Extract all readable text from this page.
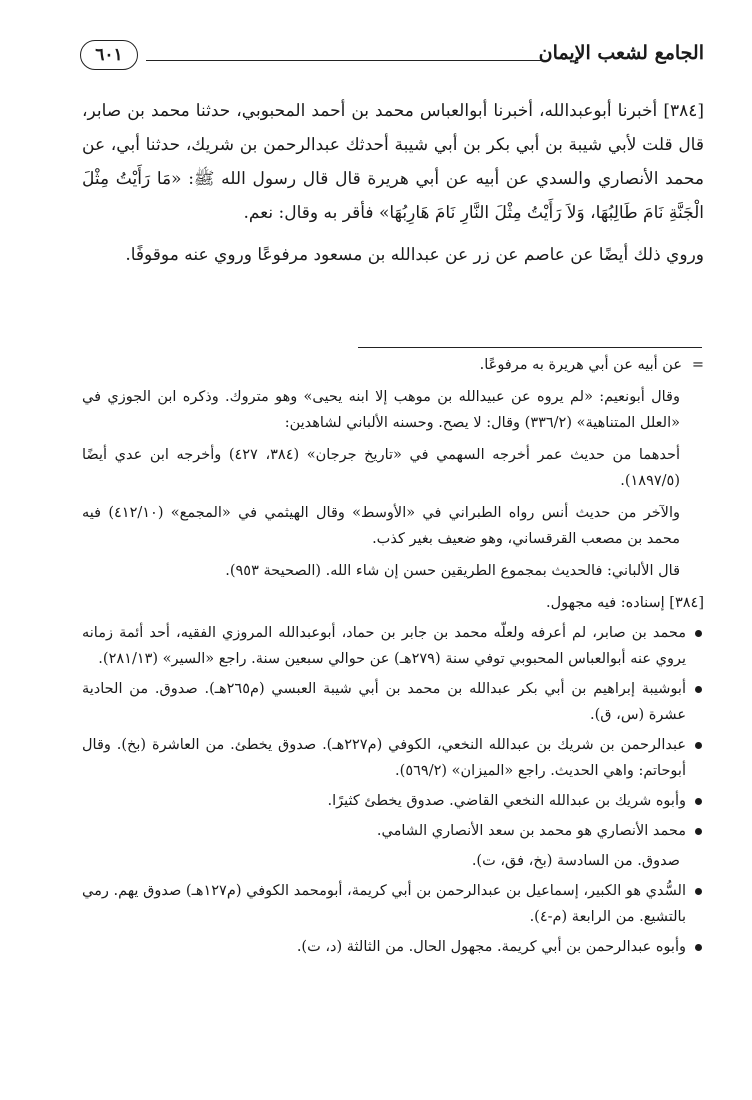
الجامع لشعب الإيمان
٦٠١

[٣٨٤] أخبرنا أبوعبدالله، أخبرنا أبوالعباس محمد بن أحمد المحبوبي، حدثنا محمد بن صابر، قال قلت لأبي شيبة بن أبي بكر بن أبي شيبة أحدثك عبدالرحمن بن شريك، حدثنا أبي، عن محمد الأنصاري والسدي عن أبيه عن أبي هريرة قال قال رسول الله ﷺ: «مَا رَأَيْتُ مِثْلَ الْجَنَّةِ نَامَ طَالِبُهَا، وَلاَ رَأَيْتُ مِثْلَ النَّارِ نَامَ هَارِبُهَا» فأقر به وقال: نعم.

وروي ذلك أيضًا عن عاصم عن زر عن عبدالله بن مسعود مرفوعًا وروي عنه موقوفًا.

=عن أبيه عن أبي هريرة به مرفوعًا.

وقال أبونعيم: «لم يروه عن عبيدالله بن موهب إلا ابنه يحيى» وهو متروك. وذكره ابن الجوزي في «العلل المتناهية» (٣٣٦/٢) وقال: لا يصح. وحسنه الألباني لشاهدين:

أحدهما من حديث عمر أخرجه السهمي في «تاريخ جرجان» (٣٨٤، ٤٢٧) وأخرجه ابن عدي أيضًا (١٨٩٧/٥).

والآخر من حديث أنس رواه الطبراني في «الأوسط» وقال الهيثمي في «المجمع» (٤١٢/١٠) فيه محمد بن مصعب القرقساني، وهو ضعيف بغير كذب.

قال الألباني: فالحديث بمجموع الطريقين حسن إن شاء الله. (الصحيحة ٩٥٣).

[٣٨٤] إسناده: فيه مجهول.

محمد بن صابر، لم أعرفه ولعلّه محمد بن جابر بن حماد، أبوعبدالله المروزي الفقيه، أحد أئمة زمانه يروي عنه أبوالعباس المحبوبي توفي سنة (٢٧٩هـ) عن حوالي سبعين سنة. راجع «السير» (٢٨١/١٣).
أبوشيبة إبراهيم بن أبي بكر عبدالله بن محمد بن أبي شيبة العبسي (م٢٦٥هـ). صدوق. من الحادية عشرة (س، ق).
عبدالرحمن بن شريك بن عبدالله النخعي، الكوفي (م٢٢٧هـ). صدوق يخطئ. من العاشرة (بخ). وقال أبوحاتم: واهي الحديث. راجع «الميزان» (٥٦٩/٢).
وأبوه شريك بن عبدالله النخعي القاضي. صدوق يخطئ كثيرًا.
محمد الأنصاري هو محمد بن سعد الأنصاري الشامي.

صدوق. من السادسة (بخ، فق، ت).

السُّدي هو الكبير، إسماعيل بن عبدالرحمن بن أبي كريمة، أبومحمد الكوفي (م١٢٧هـ) صدوق يهم. رمي بالتشيع. من الرابعة (م-٤).
وأبوه عبدالرحمن بن أبي كريمة. مجهول الحال. من الثالثة (د، ت).
